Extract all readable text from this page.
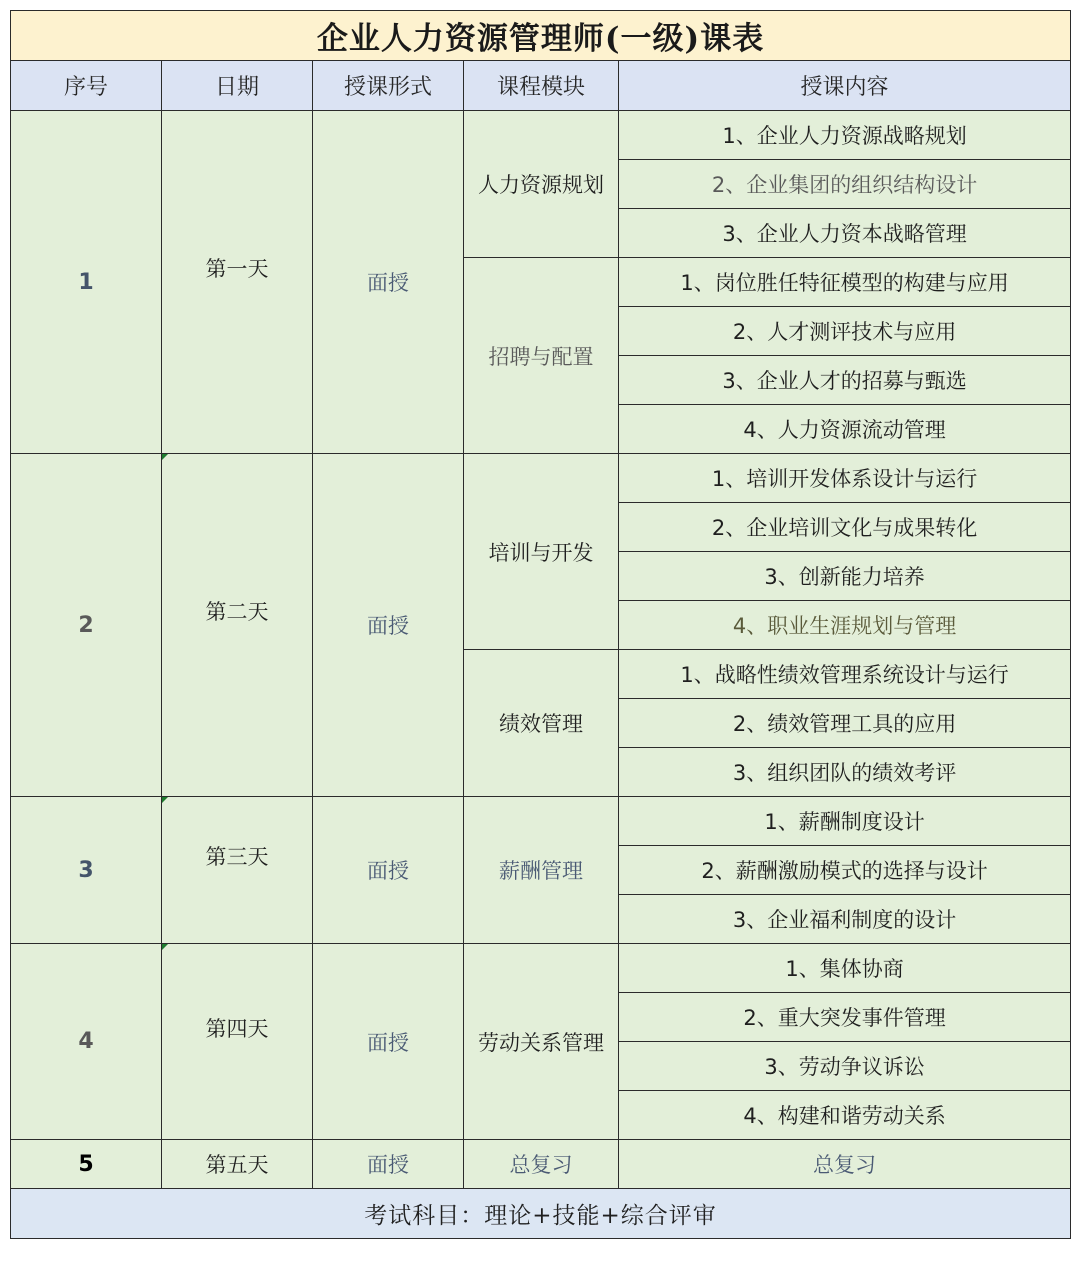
企业人力资源管理师(一级)课表				
序号	日期	授课形式	课程模块	授课内容
1	第一天	面授	人力资源规划	1、企业人力资源战略规划
				2、企业集团的组织结构设计
				3、企业人力资本战略管理
			招聘与配置	1、岗位胜任特征模型的构建与应用
				2、人才测评技术与应用
				3、企业人才的招募与甄选
				4、人力资源流动管理
2	第二天	面授	培训与开发	1、培训开发体系设计与运行
				2、企业培训文化与成果转化
				3、创新能力培养
				4、职业生涯规划与管理
			绩效管理	1、战略性绩效管理系统设计与运行
				2、绩效管理工具的应用
				3、组织团队的绩效考评
3	第三天	面授	薪酬管理	1、薪酬制度设计
				2、薪酬激励模式的选择与设计
				3、企业福利制度的设计
4	第四天	面授	劳动关系管理	1、集体协商
				2、重大突发事件管理
				3、劳动争议诉讼
				4、构建和谐劳动关系
5	第五天	面授	总复习	总复习
考试科目：理论+技能+综合评审				
